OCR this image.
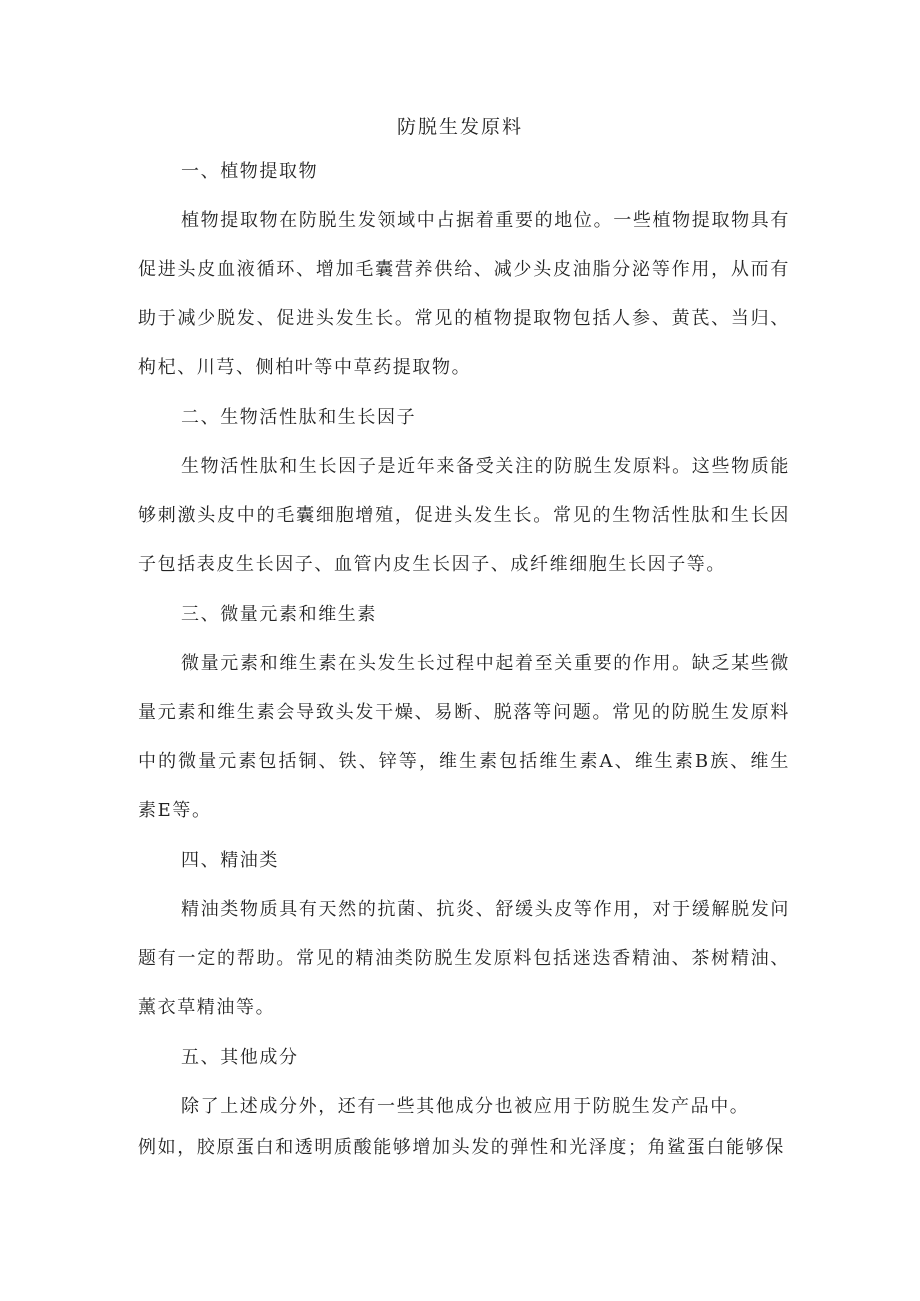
防脱生发原料

一、植物提取物

植物提取物在防脱生发领域中占据着重要的地位。一些植物提取物具有促进头皮血液循环、增加毛囊营养供给、减少头皮油脂分泌等作用，从而有助于减少脱发、促进头发生长。常见的植物提取物包括人参、黄芪、当归、枸杞、川芎、侧柏叶等中草药提取物。

二、生物活性肽和生长因子

生物活性肽和生长因子是近年来备受关注的防脱生发原料。这些物质能够刺激头皮中的毛囊细胞增殖，促进头发生长。常见的生物活性肽和生长因子包括表皮生长因子、血管内皮生长因子、成纤维细胞生长因子等。

三、微量元素和维生素

微量元素和维生素在头发生长过程中起着至关重要的作用。缺乏某些微量元素和维生素会导致头发干燥、易断、脱落等问题。常见的防脱生发原料中的微量元素包括铜、铁、锌等，维生素包括维生素A、维生素B族、维生素E等。

四、精油类

精油类物质具有天然的抗菌、抗炎、舒缓头皮等作用，对于缓解脱发问题有一定的帮助。常见的精油类防脱生发原料包括迷迭香精油、茶树精油、薰衣草精油等。

五、其他成分

除了上述成分外，还有一些其他成分也被应用于防脱生发产品中。

例如，胶原蛋白和透明质酸能够增加头发的弹性和光泽度；角鲨蛋白能够保
